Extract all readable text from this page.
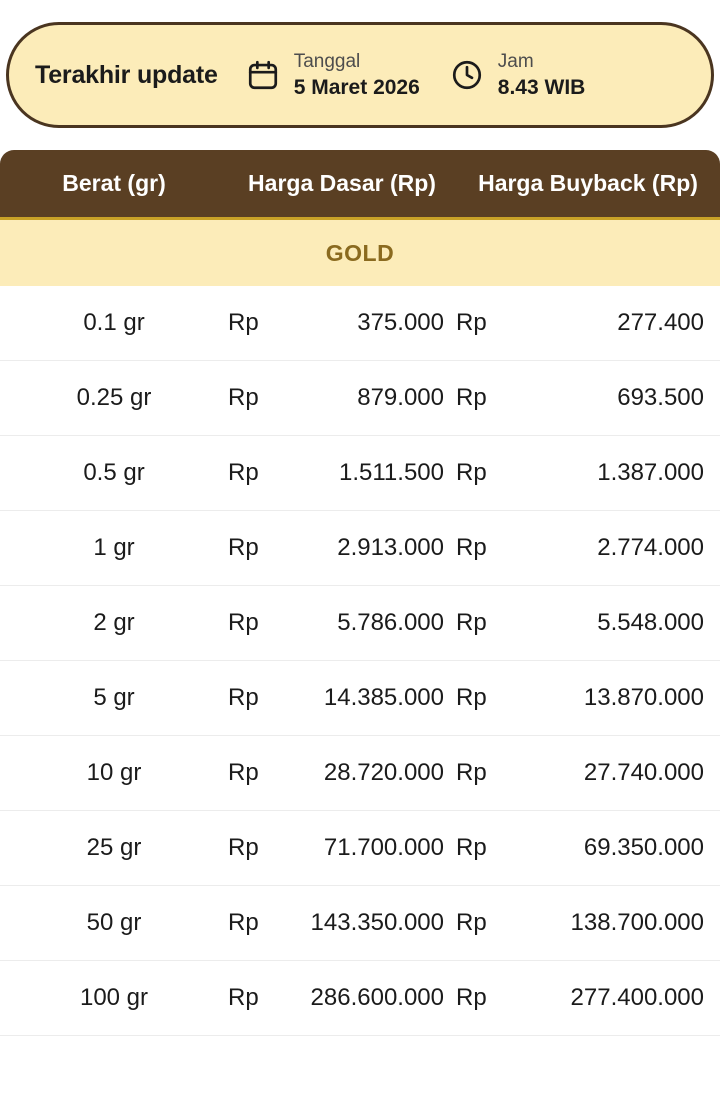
Terakhir update	Tanggal
5 Maret 2026
Jam
8.43 WIB
Berat (gr)	Harga Dasar (Rp)	Harga Buyback (Rp)
GOLD
0.1 gr	Rp	375.000 Rp	277.400
0.25 gr	Rp	879.000 Rp	693.500
0.5 gr	Rp	1.511.500 Rp	1.387.000
1 gr	Rp	2.913.000 Rp	2.774.000
2 gr	Rp	5.786.000 Rp	5.548.000
5 gr	Rp	14.385.000 Rp	13.870.000
10 gr	Rp	28.720.000 Rp	27.740.000
25 gr	Rp	71.700.000 Rp	69.350.000
50 gr	Rp 143.350.000 Rp	138.700.000
100 gr	Rp 286.600.000 Rp	277.400.000
